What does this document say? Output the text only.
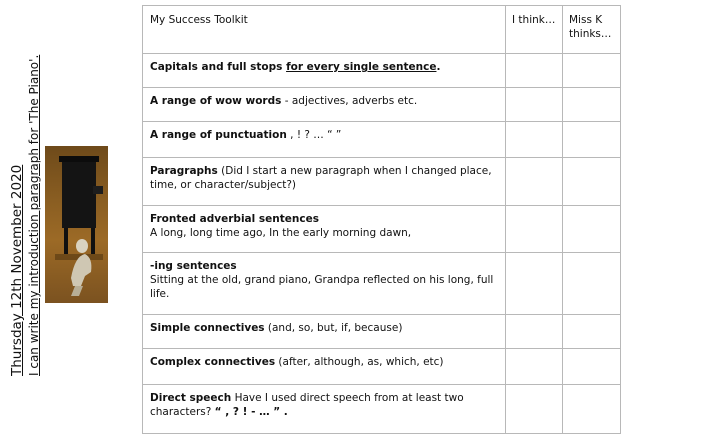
Thursday 12th November 2020 I can write my introduction paragraph for 'The Piano'.
My Success Toolkit	I think…	Miss K thinks…
Capitals and full stops for every single sentence.		
A range of wow words - adjectives, adverbs etc.		
A range of punctuation , ! ? … “ ”		
Paragraphs (Did I start a new paragraph when I changed place, time, or character/subject?)		

Fronted adverbial sentences
A long, long time ago, In the early morning dawn,		

-ing sentences
Sitting at the old, grand piano, Grandpa reflected on his long, full life.		

Simple connectives (and, so, but, if, because)		
Complex connectives (after, although, as, which, etc)		
Direct speech Have I used direct speech from at least two characters? “ , ? ! - … ” .		
